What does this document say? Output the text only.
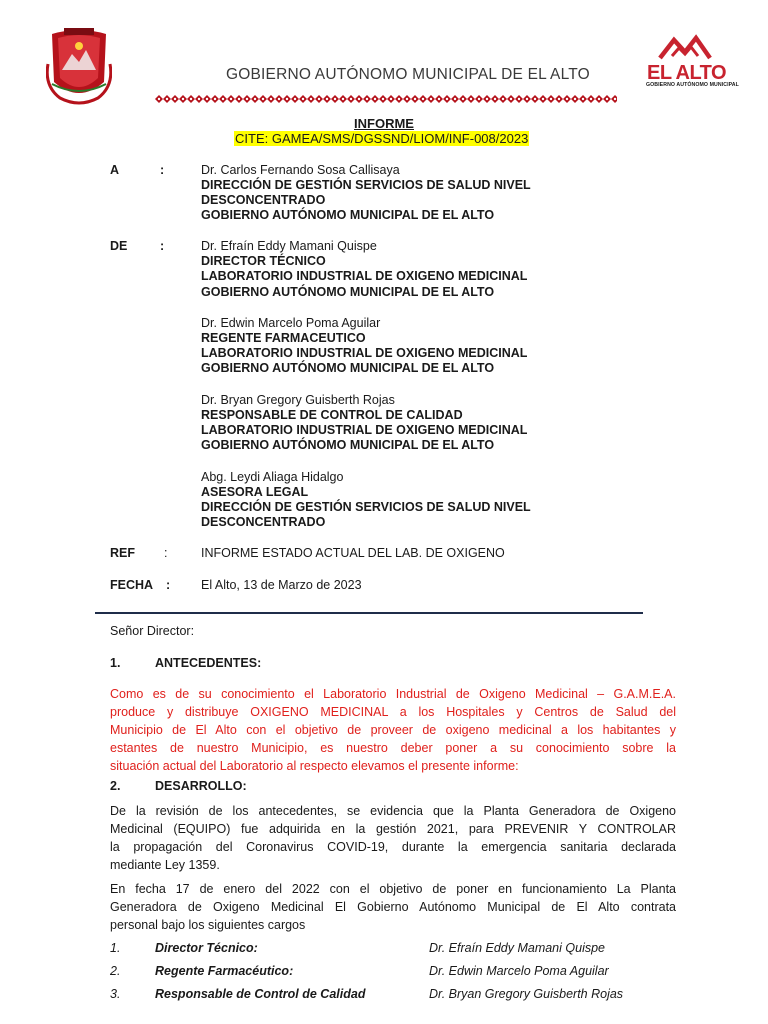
GOBIERNO AUTÓNOMO MUNICIPAL DE EL ALTO	EL ALTO
GOBIERNO AUTÓNOMO MUNICIPAL
INFORME
CITE: GAMEA/SMS/DGSSND/LIOM/INF-008/2023
A	:	Dr. Carlos Fernando Sosa Callisaya
DIRECCIÓN DE GESTIÓN SERVICIOS DE SALUD NIVEL
DESCONCENTRADO
GOBIERNO AUTÓNOMO MUNICIPAL DE EL ALTO
DE	:	Dr. Efraín Eddy Mamani Quispe
DIRECTOR TÉCNICO
LABORATORIO INDUSTRIAL DE OXIGENO MEDICINAL
GOBIERNO AUTÓNOMO MUNICIPAL DE EL ALTO
Dr. Edwin Marcelo Poma Aguilar
REGENTE FARMACEUTICO
LABORATORIO INDUSTRIAL DE OXIGENO MEDICINAL
GOBIERNO AUTÓNOMO MUNICIPAL DE EL ALTO
Dr. Bryan Gregory Guisberth Rojas
RESPONSABLE DE CONTROL DE CALIDAD
LABORATORIO INDUSTRIAL DE OXIGENO MEDICINAL
GOBIERNO AUTÓNOMO MUNICIPAL DE EL ALTO
Abg. Leydi Aliaga Hidalgo
ASESORA LEGAL
DIRECCIÓN DE GESTIÓN SERVICIOS DE SALUD NIVEL
DESCONCENTRADO
REF :	INFORME ESTADO ACTUAL DEL LAB. DE OXIGENO
FECHA : El Alto, 13 de Marzo de 2023
Señor Director:
1.	ANTECEDENTES:
Como es de su conocimiento el Laboratorio Industrial de Oxigeno Medicinal – G.A.M.E.A.
produce y distribuye OXIGENO MEDICINAL a los Hospitales y Centros de Salud del
Municipio de El Alto con el objetivo de proveer de oxigeno medicinal a los habitantes y
estantes de nuestro Municipio, es nuestro deber poner a su conocimiento sobre la
situación actual del Laboratorio al respecto elevamos el presente informe:
2.	DESARROLLO:
De la revisión de los antecedentes, se evidencia que la Planta Generadora de Oxigeno
Medicinal (EQUIPO) fue adquirida en la gestión 2021, para PREVENIR Y CONTROLAR
la propagación del Coronavirus COVID-19, durante la emergencia sanitaria declarada
mediante Ley 1359.
En fecha 17 de enero del 2022 con el objetivo de poner en funcionamiento La Planta
Generadora de Oxigeno Medicinal El Gobierno Autónomo Municipal de El Alto contrata
personal bajo los siguientes cargos
1.	Director Técnico:	Dr. Efraín Eddy Mamani Quispe
2.	Regente Farmacéutico:	Dr. Edwin Marcelo Poma Aguilar
3.	Responsable de Control de Calidad	Dr. Bryan Gregory Guisberth Rojas
